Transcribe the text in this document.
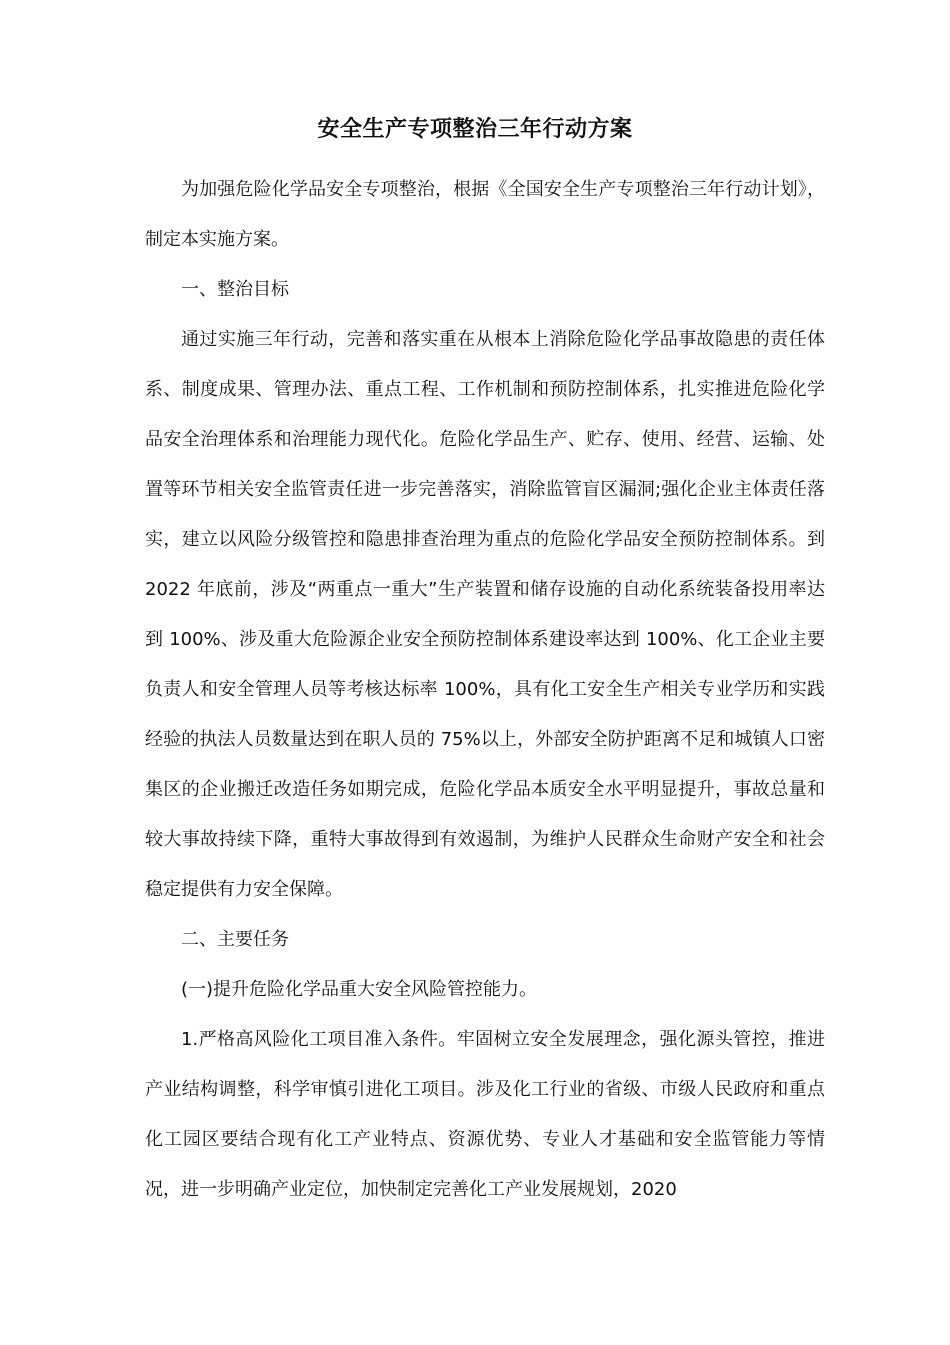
安全生产专项整治三年行动方案

为加强危险化学品安全专项整治，根据《全国安全生产专项整治三年行动计划》，制定本实施方案。

一、整治目标

通过实施三年行动，完善和落实重在从根本上消除危险化学品事故隐患的责任体系、制度成果、管理办法、重点工程、工作机制和预防控制体系，扎实推进危险化学品安全治理体系和治理能力现代化。危险化学品生产、贮存、使用、经营、运输、处置等环节相关安全监管责任进一步完善落实，消除监管盲区漏洞;强化企业主体责任落实，建立以风险分级管控和隐患排查治理为重点的危险化学品安全预防控制体系。到 2022 年底前，涉及“两重点一重大”生产装置和储存设施的自动化系统装备投用率达到 100%、涉及重大危险源企业安全预防控制体系建设率达到 100%、化工企业主要负责人和安全管理人员等考核达标率 100%，具有化工安全生产相关专业学历和实践经验的执法人员数量达到在职人员的 75%以上，外部安全防护距离不足和城镇人口密集区的企业搬迁改造任务如期完成，危险化学品本质安全水平明显提升，事故总量和较大事故持续下降，重特大事故得到有效遏制，为维护人民群众生命财产安全和社会稳定提供有力安全保障。

二、主要任务

(一)提升危险化学品重大安全风险管控能力。

1.严格高风险化工项目准入条件。牢固树立安全发展理念，强化源头管控，推进产业结构调整，科学审慎引进化工项目。涉及化工行业的省级、市级人民政府和重点化工园区要结合现有化工产业特点、资源优势、专业人才基础和安全监管能力等情况，进一步明确产业定位，加快制定完善化工产业发展规划，2020
